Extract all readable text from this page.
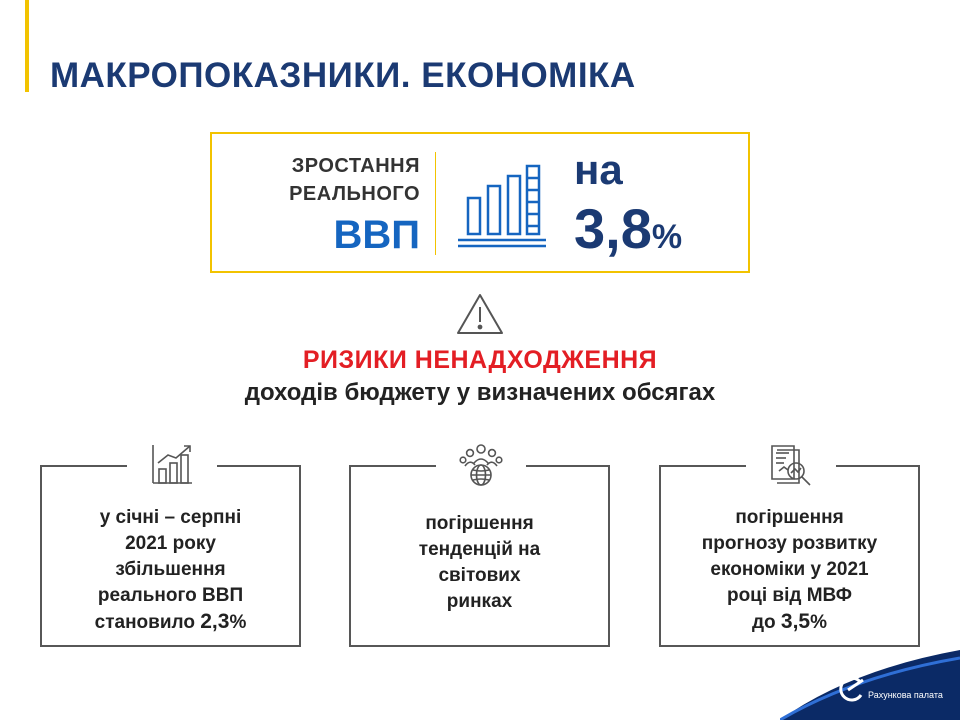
МАКРОПОКАЗНИКИ. ЕКОНОМІКА
ЗРОСТАННЯ
РЕАЛЬНОГО
ВВП
на
3,8%
РИЗИКИ НЕНАДХОДЖЕННЯ
доходів бюджету у визначених обсягах
у січні – серпні
2021 року
збільшення
реального ВВП
становило 2,3%
погіршення
тенденцій на
світових
ринках
погіршення
прогнозу розвитку
економіки у 2021
році від МВФ
до 3,5%
Рахункова палата
